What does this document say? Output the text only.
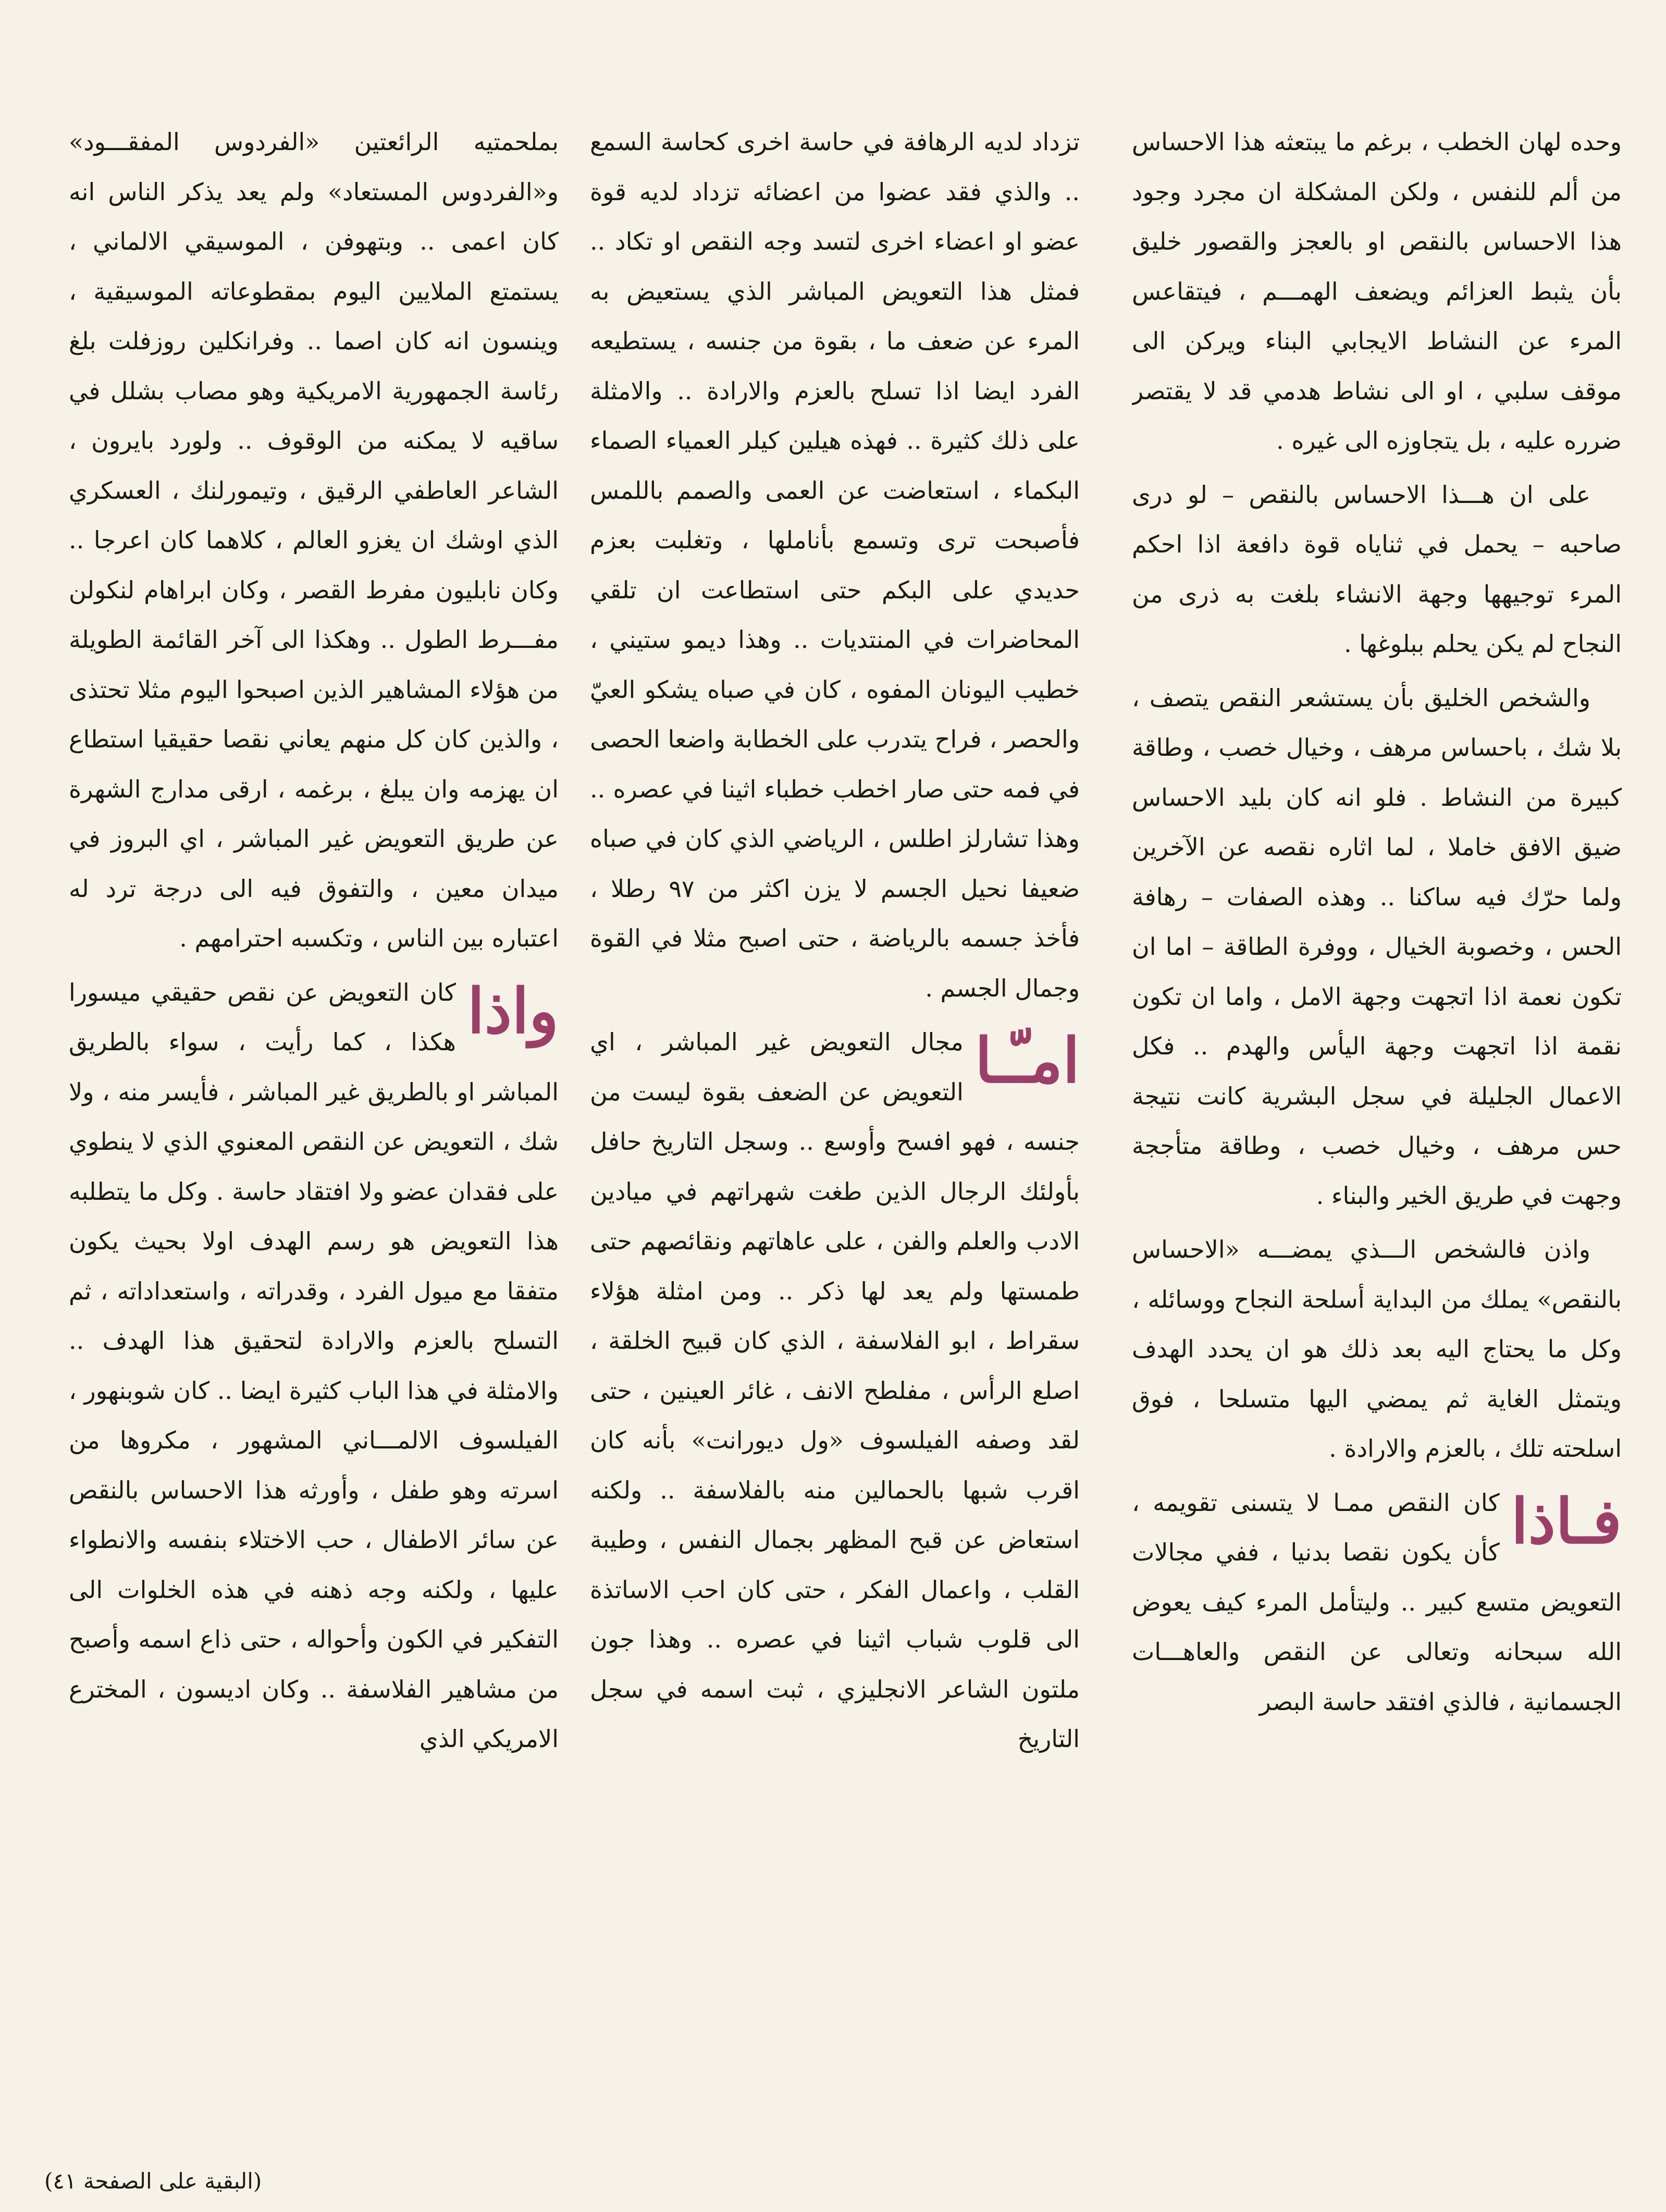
وحده لهان الخطب ، برغم ما يبتعثه هذا الاحساس من ألم للنفس ، ولكن المشكلة ان مجرد وجود هذا الاحساس بالنقص او بالعجز والقصور خليق بأن يثبط العزائم ويضعف الهمـــم ، فيتقاعس المرء عن النشاط الايجابي البناء ويركن الى موقف سلبي ، او الى نشاط هدمي قد لا يقتصر ضرره عليه ، بل يتجاوزه الى غيره .

على ان هـــذا الاحساس بالنقص – لو درى صاحبه – يحمل في ثناياه قوة دافعة اذا احكم المرء توجيهها وجهة الانشاء بلغت به ذرى من النجاح لم يكن يحلم ببلوغها .

والشخص الخليق بأن يستشعر النقص يتصف ، بلا شك ، باحساس مرهف ، وخيال خصب ، وطاقة كبيرة من النشاط . فلو انه كان بليد الاحساس ضيق الافق خاملا ، لما اثاره نقصه عن الآخرين ولما حرّك فيه ساكنا .. وهذه الصفات – رهافة الحس ، وخصوبة الخيال ، ووفرة الطاقة – اما ان تكون نعمة اذا اتجهت وجهة الامل ، واما ان تكون نقمة اذا اتجهت وجهة اليأس والهدم .. فكل الاعمال الجليلة في سجل البشرية كانت نتيجة حس مرهف ، وخيال خصب ، وطاقة متأججة وجهت في طريق الخير والبناء .

واذن فالشخص الـــذي يمضـــه «الاحساس بالنقص» يملك من البداية أسلحة النجاح ووسائله ، وكل ما يحتاج اليه بعد ذلك هو ان يحدد الهدف ويتمثل الغاية ثم يمضي اليها متسلحا ، فوق اسلحته تلك ، بالعزم والارادة .

فـاذا

كان النقص ممـا لا يتسنى تقويمه ، كأن يكون نقصا بدنيا ، ففي مجالات التعويض متسع كبير .. وليتأمل المرء كيف يعوض الله سبحانه وتعالى عن النقص والعاهـــات الجسمانية ، فالذي افتقد حاسة البصر

تزداد لديه الرهافة في حاسة اخرى كحاسة السمع .. والذي فقد عضوا من اعضائه تزداد لديه قوة عضو او اعضاء اخرى لتسد وجه النقص او تكاد .. فمثل هذا التعويض المباشر الذي يستعيض به المرء عن ضعف ما ، بقوة من جنسه ، يستطيعه الفرد ايضا اذا تسلح بالعزم والارادة .. والامثلة على ذلك كثيرة .. فهذه هيلين كيلر العمياء الصماء البكماء ، استعاضت عن العمى والصمم باللمس فأصبحت ترى وتسمع بأناملها ، وتغلبت بعزم حديدي على البكم حتى استطاعت ان تلقي المحاضرات في المنتديات .. وهذا ديمو ستيني ، خطيب اليونان المفوه ، كان في صباه يشكو العيّ والحصر ، فراح يتدرب على الخطابة واضعا الحصى في فمه حتى صار اخطب خطباء اثينا في عصره .. وهذا تشارلز اطلس ، الرياضي الذي كان في صباه ضعيفا نحيل الجسم لا يزن اكثر من ٩٧ رطلا ، فأخذ جسمه بالرياضة ، حتى اصبح مثلا في القوة وجمال الجسم .

امـّـا

مجال التعويض غير المباشر ، اي التعويض عن الضعف بقوة ليست من جنسه ، فهو افسح وأوسع .. وسجل التاريخ حافل بأولئك الرجال الذين طغت شهراتهم في ميادين الادب والعلم والفن ، على عاهاتهم ونقائصهم حتى طمستها ولم يعد لها ذكر .. ومن امثلة هؤلاء سقراط ، ابو الفلاسفة ، الذي كان قبيح الخلقة ، اصلع الرأس ، مفلطح الانف ، غائر العينين ، حتى لقد وصفه الفيلسوف «ول ديورانت» بأنه كان اقرب شبها بالحمالين منه بالفلاسفة .. ولكنه استعاض عن قبح المظهر بجمال النفس ، وطيبة القلب ، واعمال الفكر ، حتى كان احب الاساتذة الى قلوب شباب اثينا في عصره .. وهذا جون ملتون الشاعر الانجليزي ، ثبت اسمه في سجل التاريخ

بملحمتيه الرائعتين «الفردوس المفقـــود» و«الفردوس المستعاد» ولم يعد يذكر الناس انه كان اعمى .. وبتهوفن ، الموسيقي الالماني ، يستمتع الملايين اليوم بمقطوعاته الموسيقية ، وينسون انه كان اصما .. وفرانكلين روزفلت بلغ رئاسة الجمهورية الامريكية وهو مصاب بشلل في ساقيه لا يمكنه من الوقوف .. ولورد بايرون ، الشاعر العاطفي الرقيق ، وتيمورلنك ، العسكري الذي اوشك ان يغزو العالم ، كلاهما كان اعرجا .. وكان نابليون مفرط القصر ، وكان ابراهام لنكولن مفـــرط الطول .. وهكذا الى آخر القائمة الطويلة من هؤلاء المشاهير الذين اصبحوا اليوم مثلا تحتذى ، والذين كان كل منهم يعاني نقصا حقيقيا استطاع ان يهزمه وان يبلغ ، برغمه ، ارقى مدارج الشهرة عن طريق التعويض غير المباشر ، اي البروز في ميدان معين ، والتفوق فيه الى درجة ترد له اعتباره بين الناس ، وتكسبه احترامهم .

واذا

كان التعويض عن نقص حقيقي ميسورا هكذا ، كما رأيت ، سواء بالطريق المباشر او بالطريق غير المباشر ، فأيسر منه ، ولا شك ، التعويض عن النقص المعنوي الذي لا ينطوي على فقدان عضو ولا افتقاد حاسة . وكل ما يتطلبه هذا التعويض هو رسم الهدف اولا بحيث يكون متفقا مع ميول الفرد ، وقدراته ، واستعداداته ، ثم التسلح بالعزم والارادة لتحقيق هذا الهدف .. والامثلة في هذا الباب كثيرة ايضا .. كان شوبنهور ، الفيلسوف الالمـــاني المشهور ، مكروها من اسرته وهو طفل ، وأورثه هذا الاحساس بالنقص عن سائر الاطفال ، حب الاختلاء بنفسه والانطواء عليها ، ولكنه وجه ذهنه في هذه الخلوات الى التفكير في الكون وأحواله ، حتى ذاع اسمه وأصبح من مشاهير الفلاسفة .. وكان اديسون ، المخترع الامريكي الذي

(البقية على الصفحة ٤١)
